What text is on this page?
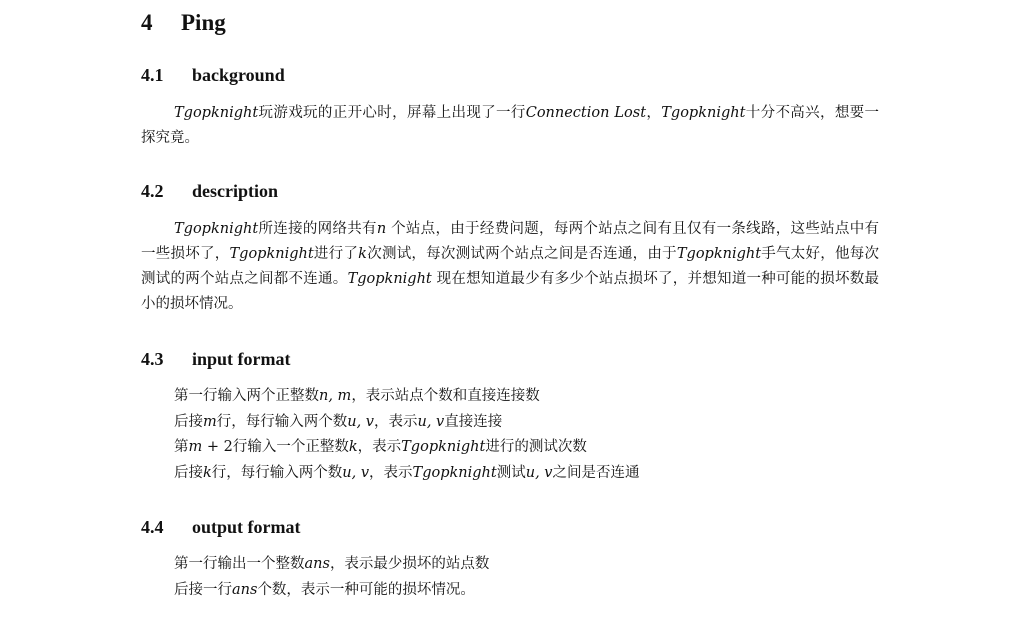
4 Ping
4.1 background

Tgopknight玩游戏玩的正开心时，屏幕上出现了一行Connection Lost，Tgopknight十分不高兴，想要一探究竟。

4.2 description

Tgopknight所连接的网络共有n 个站点，由于经费问题，每两个站点之间有且仅有一条线路，这些站点中有一些损坏了，Tgopknight进行了k次测试，每次测试两个站点之间是否连通，由于Tgopknight手气太好，他每次测试的两个站点之间都不连通。Tgopknight 现在想知道最少有多少个站点损坏了，并想知道一种可能的损坏数最小的损坏情况。

4.3 input format
第一行输入两个正整数n, m，表示站点个数和直接连接数
后接m行，每行输入两个数u, v，表示u, v直接连接
第m + 2行输入一个正整数k，表示Tgopknight进行的测试次数
后接k行，每行输入两个数u, v，表示Tgopknight测试u, v之间是否连通
4.4 output format
第一行输出一个整数ans，表示最少损坏的站点数
后接一行ans个数，表示一种可能的损坏情况。
